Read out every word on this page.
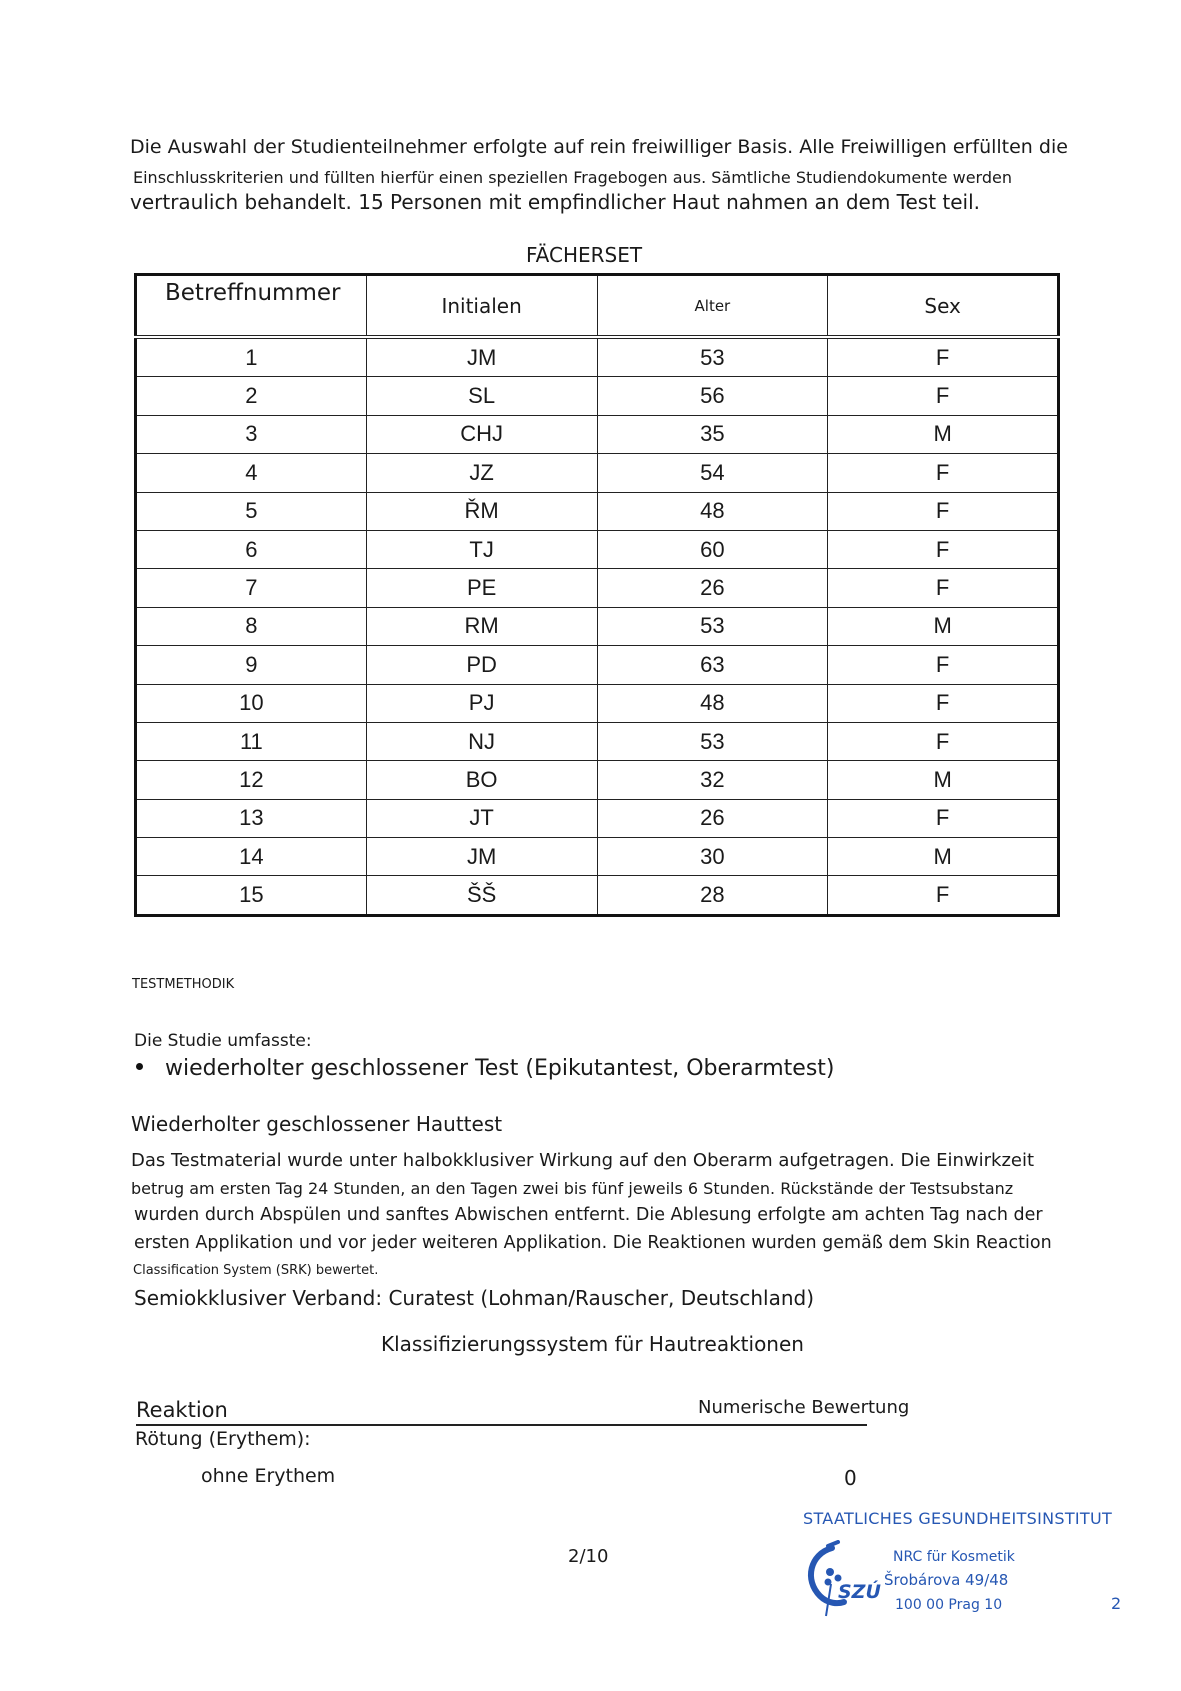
Die Auswahl der Studienteilnehmer erfolgte auf rein freiwilliger Basis. Alle Freiwilligen erfüllten die
Einschlusskriterien und füllten hierfür einen speziellen Fragebogen aus. Sämtliche Studiendokumente werden
vertraulich behandelt. 15 Personen mit empfindlicher Haut nahmen an dem Test teil.
FÄCHERSET
Betreffnummer	Initialen	Alter	Sex
1	JM	53	F
2	SL	56	F
3	CHJ	35	M
4	JZ	54	F
5	ŘM	48	F
6	TJ	60	F
7	PE	26	F
8	RM	53	M
9	PD	63	F
10	PJ	48	F
11	NJ	53	F
12	BO	32	M
13	JT	26	F
14	JM	30	M
15	ŠŠ	28	F
TESTMETHODIK
Die Studie umfasste:
wiederholter geschlossener Test (Epikutantest, Oberarmtest)
Wiederholter geschlossener Hauttest
Das Testmaterial wurde unter halbokklusiver Wirkung auf den Oberarm aufgetragen. Die Einwirkzeit
betrug am ersten Tag 24 Stunden, an den Tagen zwei bis fünf jeweils 6 Stunden. Rückstände der Testsubstanz
wurden durch Abspülen und sanftes Abwischen entfernt. Die Ablesung erfolgte am achten Tag nach der
ersten Applikation und vor jeder weiteren Applikation. Die Reaktionen wurden gemäß dem Skin Reaction
Classification System (SRK) bewertet.
Semiokklusiver Verband: Curatest (Lohman/Rauscher, Deutschland)
Klassifizierungssystem für Hautreaktionen
Reaktion	Numerische Bewertung
Rötung (Erythem):
ohne Erythem	0
2/10
STAATLICHES GESUNDHEITSINSTITUT
SZÚ
NRC für Kosmetik
Šrobárova 49/48
100 00 Prag 10	2
